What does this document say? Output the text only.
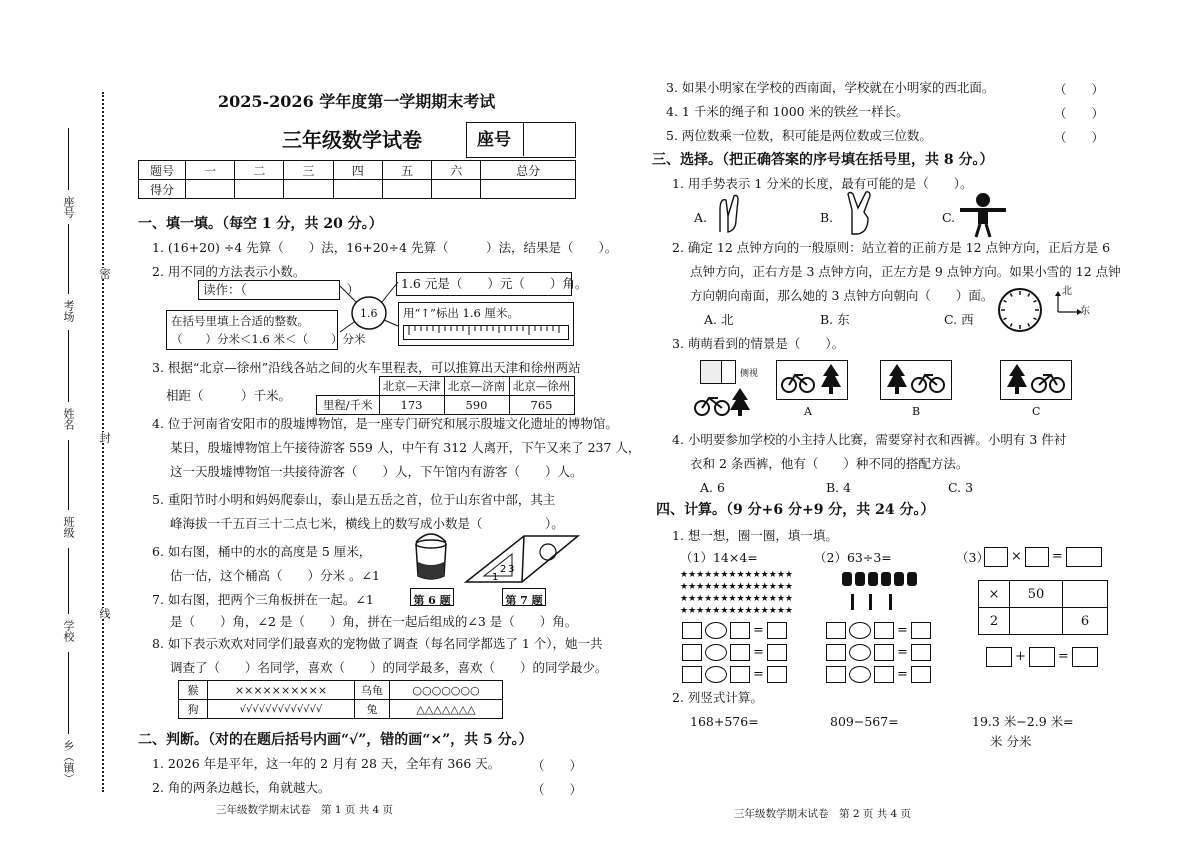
座号
考场
姓名
班级
学校
乡（镇）
密
封
线
2025-2026 学年度第一学期期末考试
三年级数学试卷	座号
题号	一	二	三	四	五	六	总分
得分							
一、填一填。（每空 1 分，共 20 分。）
1. (16+20) ÷4 先算（　　）法，16+20÷4 先算（　　　）法，结果是（　　）。
2. 用不同的方法表示小数。
读作：（　　　　　　　　）	1.6 元是（　　）元（　　）角。
在括号里填上合适的整数。
（　　）分米＜1.6 米＜（　　）分米
用“↑”标出 1.6 厘米。
1.6
3. 根据“北京—徐州”沿线各站之间的火车里程表，可以推算出天津和徐州两站
相距（　　　）千米。
	北京—天津	北京—济南	北京—徐州
里程/千米	173	590	765
4. 位于河南省安阳市的殷墟博物馆，是一座专门研究和展示殷墟文化遗址的博物馆。
某日，殷墟博物馆上午接待游客 559 人，中午有 312 人离开，下午又来了 237 人，
这一天殷墟博物馆一共接待游客（　　）人，下午馆内有游客（　　）人。
5. 重阳节时小明和妈妈爬泰山，泰山是五岳之首，位于山东省中部，其主
峰海拔一千五百三十二点七米，横线上的数写成小数是（　　　　　）。
6. 如右图，桶中的水的高度是 5 厘米，
估一估，这个桶高（　　）分米 。∠1
7. 如右图，把两个三角板拼在一起。∠1
是（　　）角，∠2 是（　　）角，拼在一起后组成的∠3 是（　　）角。
第 6 题
1
2 3
第 7 题
8. 如下表示欢欢对同学们最喜欢的宠物做了调查（每名同学都选了 1 个），她一共
调查了（　　）名同学，喜欢（　　）的同学最多，喜欢（　　）的同学最少。
猴	××××××××××	乌龟	○○○○○○○
狗	√√√√√√√√√√√√√	兔	△△△△△△△
二、判断。（对的在题后括号内画“√”，错的画“×”，共 5 分。）
1. 2026 年是平年，这一年的 2 月有 28 天，全年有 366 天。	（　　）
2. 角的两条边越长，角就越大。	（　　）
三年级数学期末试卷　第 1 页 共 4 页
3. 如果小明家在学校的西南面，学校就在小明家的西北面。	（　　）
4. 1 千米的绳子和 1000 米的铁丝一样长。	（　　）
5. 两位数乘一位数，积可能是两位数或三位数。	（　　）
三、选择。（把正确答案的序号填在括号里，共 8 分。）
1. 用手势表示 1 分米的长度，最有可能的是（　　）。
A.	B.	C.
2. 确定 12 点钟方向的一般原则：站立着的正前方是 12 点钟方向，正后方是 6
点钟方向，正右方是 3 点钟方向，正左方是 9 点钟方向。如果小雪的 12 点钟
方向朝向南面，那么她的 3 点钟方向朝向（　　）面。
A. 北	B. 东	C. 西
北
东
3. 萌萌看到的情景是（　　）。
侧视
A	B	C
4. 小明要参加学校的小主持人比赛，需要穿衬衣和西裤。小明有 3 件衬
衣和 2 条西裤，他有（　　）种不同的搭配方法。
A. 6	B. 4	C. 3
四、计算。（9 分+6 分+9 分，共 24 分。）
1. 想一想，圈一圈，填一填。
（1）14×4=
★★★★★★★★★★★★★★
★★★★★★★★★★★★★★
★★★★★★★★★★★★★★
★★★★★★★★★★★★★★
=
=
=
（2）63÷3=
=
=
=
（3）	× =
×	50	
2		6
+ =
2. 列竖式计算。
168+576=	809−567=	19.3 米−2.9 米=
米 分米
三年级数学期末试卷　第 2 页 共 4 页
